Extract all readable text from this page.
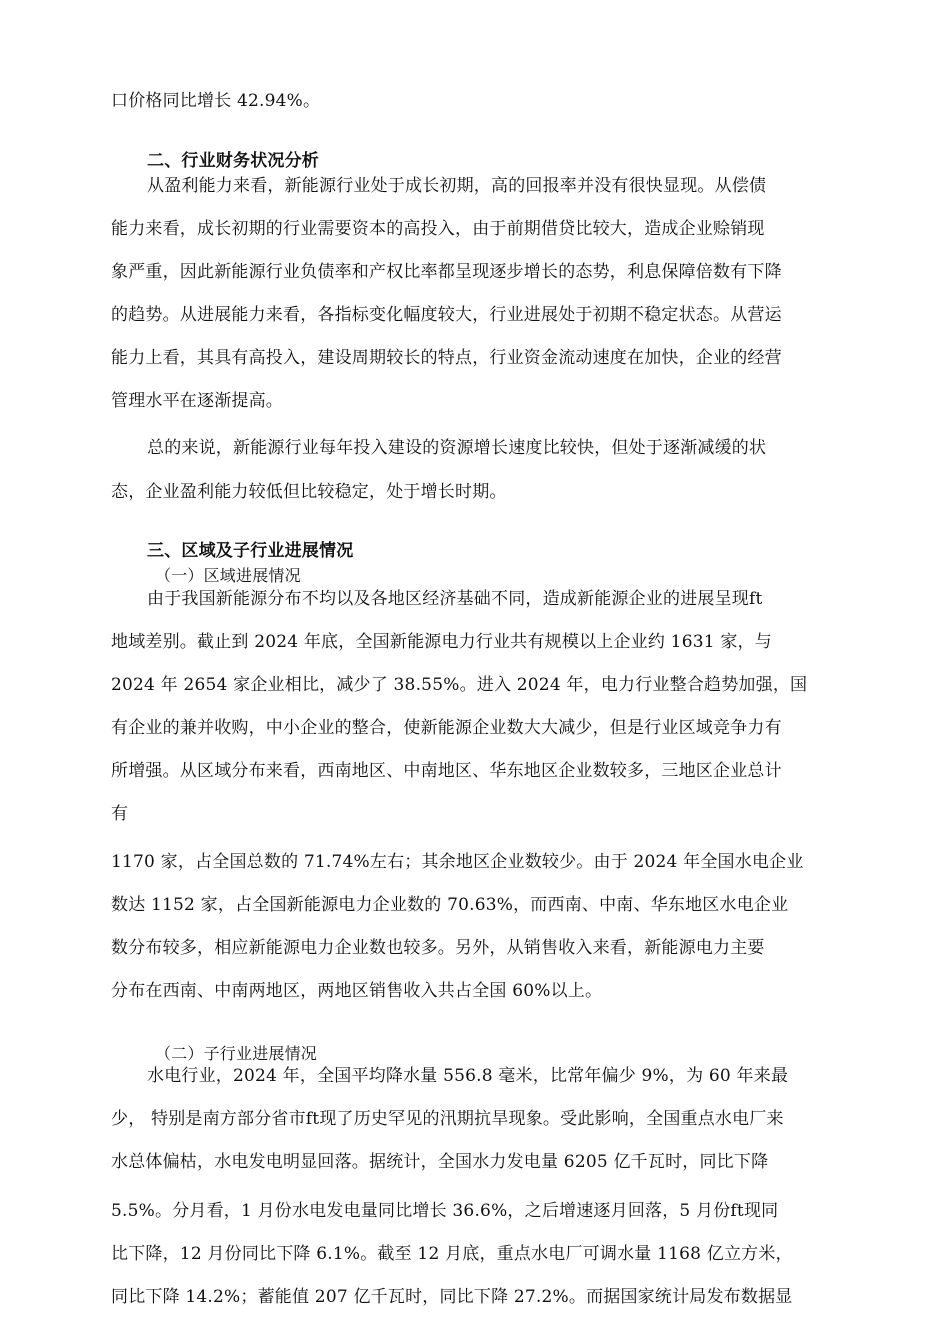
口价格同比增长 42.94%。
二、行业财务状况分析
从盈利能力来看，新能源行业处于成长初期，高的回报率并没有很快显现。从偿债
能力来看，成长初期的行业需要资本的高投入，由于前期借贷比较大，造成企业赊销现
象严重，因此新能源行业负债率和产权比率都呈现逐步增长的态势，利息保障倍数有下降
的趋势。从进展能力来看，各指标变化幅度较大，行业进展处于初期不稳定状态。从营运
能力上看，其具有高投入，建设周期较长的特点，行业资金流动速度在加快，企业的经营
管理水平在逐渐提高。
总的来说，新能源行业每年投入建设的资源增长速度比较快，但处于逐渐减缓的状
态，企业盈利能力较低但比较稳定，处于增长时期。
三、区域及子行业进展情况
（一）区域进展情况
由于我国新能源分布不均以及各地区经济基础不同，造成新能源企业的进展呈现ft
地域差别。截止到 2024 年底，全国新能源电力行业共有规模以上企业约 1631 家，与
2024 年 2654 家企业相比，减少了 38.55%。进入 2024 年，电力行业整合趋势加强，国
有企业的兼并收购，中小企业的整合，使新能源企业数大大减少，但是行业区域竞争力有
所增强。从区域分布来看，西南地区、中南地区、华东地区企业数较多，三地区企业总计
有
1170 家，占全国总数的 71.74%左右；其余地区企业数较少。由于 2024 年全国水电企业
数达 1152 家，占全国新能源电力企业数的 70.63%，而西南、中南、华东地区水电企业
数分布较多，相应新能源电力企业数也较多。另外，从销售收入来看，新能源电力主要
分布在西南、中南两地区，两地区销售收入共占全国 60%以上。
（二）子行业进展情况
水电行业，2024 年，全国平均降水量 556.8 毫米，比常年偏少 9%，为 60 年来最
少， 特别是南方部分省市ft现了历史罕见的汛期抗旱现象。受此影响，全国重点水电厂来
水总体偏枯，水电发电明显回落。据统计，全国水力发电量 6205 亿千瓦时，同比下降
5.5%。分月看，1 月份水电发电量同比增长 36.6%，之后增速逐月回落，5 月份ft现同
比下降，12 月份同比下降 6.1%。截至 12 月底，重点水电厂可调水量 1168 亿立方米，
同比下降 14.2%；蓄能值 207 亿千瓦时，同比下降 27.2%。而据国家统计局发布数据显
